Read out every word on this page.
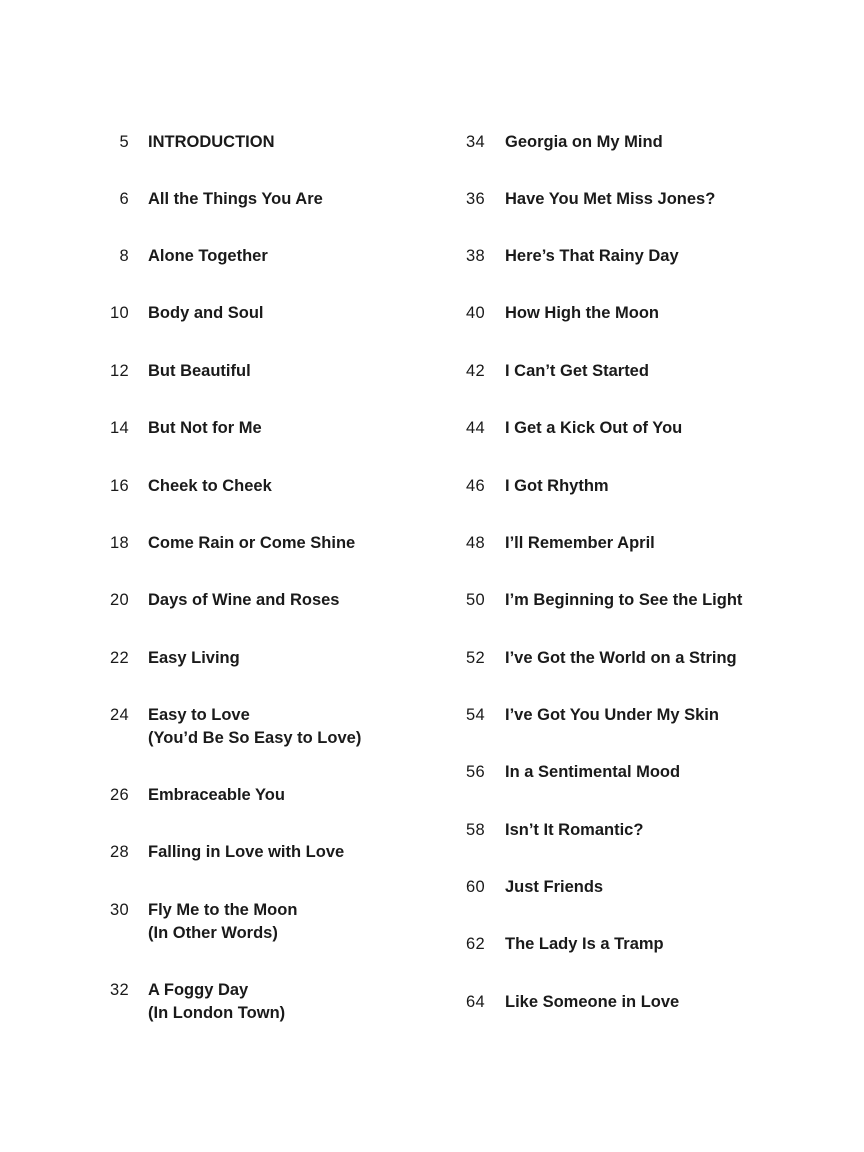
5 INTRODUCTION
6 All the Things You Are
8 Alone Together
10 Body and Soul
12 But Beautiful
14 But Not for Me
16 Cheek to Cheek
18 Come Rain or Come Shine
20 Days of Wine and Roses
22 Easy Living
24 Easy to Love
(You’d Be So Easy to Love)
26 Embraceable You
28 Falling in Love with Love
30 Fly Me to the Moon
(In Other Words)
32 A Foggy Day
(In London Town)
34 Georgia on My Mind
36 Have You Met Miss Jones?
38 Here’s That Rainy Day
40 How High the Moon
42 I Can’t Get Started
44 I Get a Kick Out of You
46 I Got Rhythm
48 I’ll Remember April
50 I’m Beginning to See the Light
52 I’ve Got the World on a String
54 I’ve Got You Under My Skin
56 In a Sentimental Mood
58 Isn’t It Romantic?
60 Just Friends
62 The Lady Is a Tramp
64 Like Someone in Love
